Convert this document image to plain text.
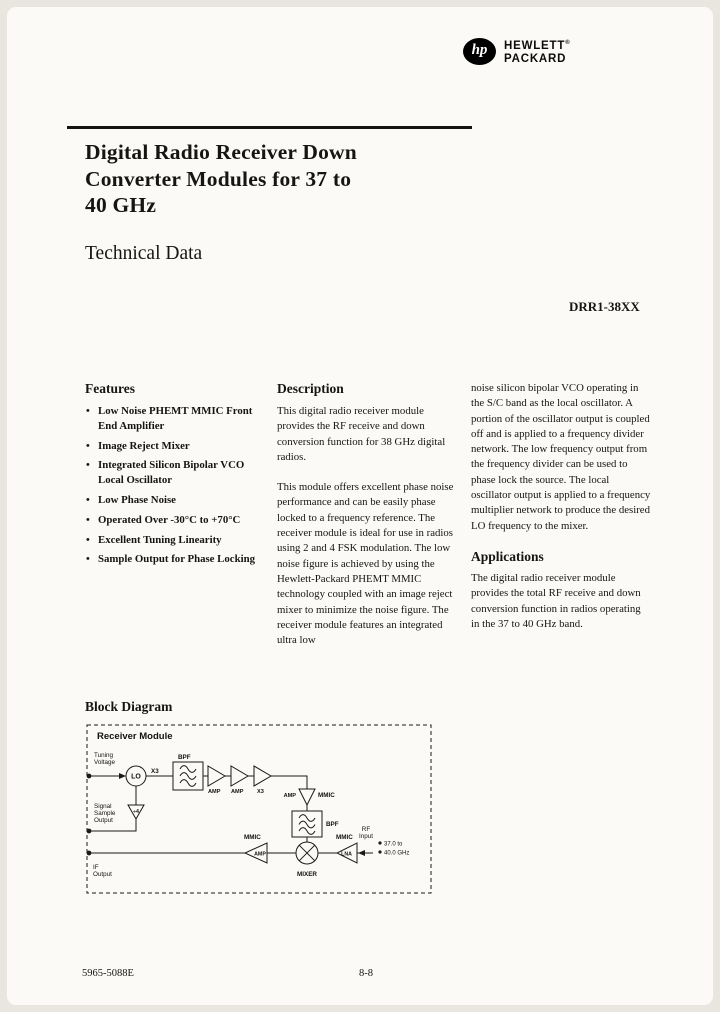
hp HEWLETT®
PACKARD
Digital Radio Receiver Down
Converter Modules for 37 to
40 GHz
Technical Data
DRR1-38XX
Features
• Low Noise PHEMT MMIC Front End Amplifier
• Image Reject Mixer
• Integrated Silicon Bipolar VCO Local Oscillator
• Low Phase Noise
• Operated Over -30°C to +70°C
• Excellent Tuning Linearity
• Sample Output for Phase Locking
Description

This digital radio receiver module provides the RF receive and down conversion function for 38 GHz digital radios.

This module offers excellent phase noise performance and can be easily phase locked to a frequency reference. The receiver module is ideal for use in radios using 2 and 4 FSK modulation. The low noise figure is achieved by using the Hewlett-Packard PHEMT MMIC technology coupled with an image reject mixer to minimize the noise figure. The receiver module features an integrated ultra low

noise silicon bipolar VCO operating in the S/C band as the local oscillator. A portion of the oscillator output is coupled off and is applied to a frequency divider network. The low frequency output from the frequency divider can be used to phase lock the source. The local oscillator output is applied to a frequency multiplier network to produce the desired LO frequency to the mixer.

Applications

The digital radio receiver module provides the total RF receive and down conversion function in radios operating in the 37 to 40 GHz band.

Block Diagram
Receiver Module
Tuning
Voltage
LO
X3
BPF
AMP AMP X3
AMP	MMIC
BPF
Signal
Sample
Output
÷4
MMIC
AMP
MIXER
MMIC
LNA
RF
Input
37.0 to
40.0 GHz
IF
Output
5965-5088E	8-8
